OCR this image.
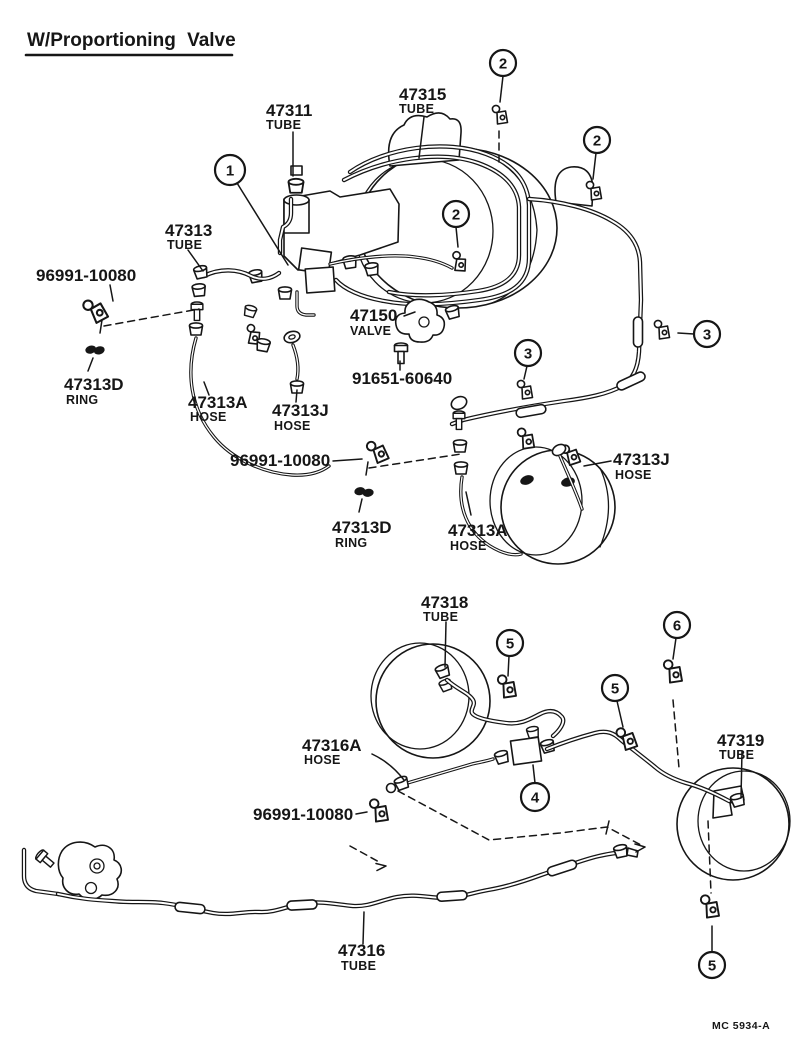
W/Proportioning Valve
MC 5934-A
47311
TUBE
47315
TUBE
47313
TUBE
96991-10080
47313D
RING	47313A
HOSE	47313J
HOSE
47150
VALVE
91651-60640
96991-10080
47313D
RING
47313A
HOSE
47313J
HOSE
47318
TUBE
47316A
HOSE
96991-10080
47319
TUBE
47316
TUBE
1
2
2
2
3
3
4
5
5
5
6
